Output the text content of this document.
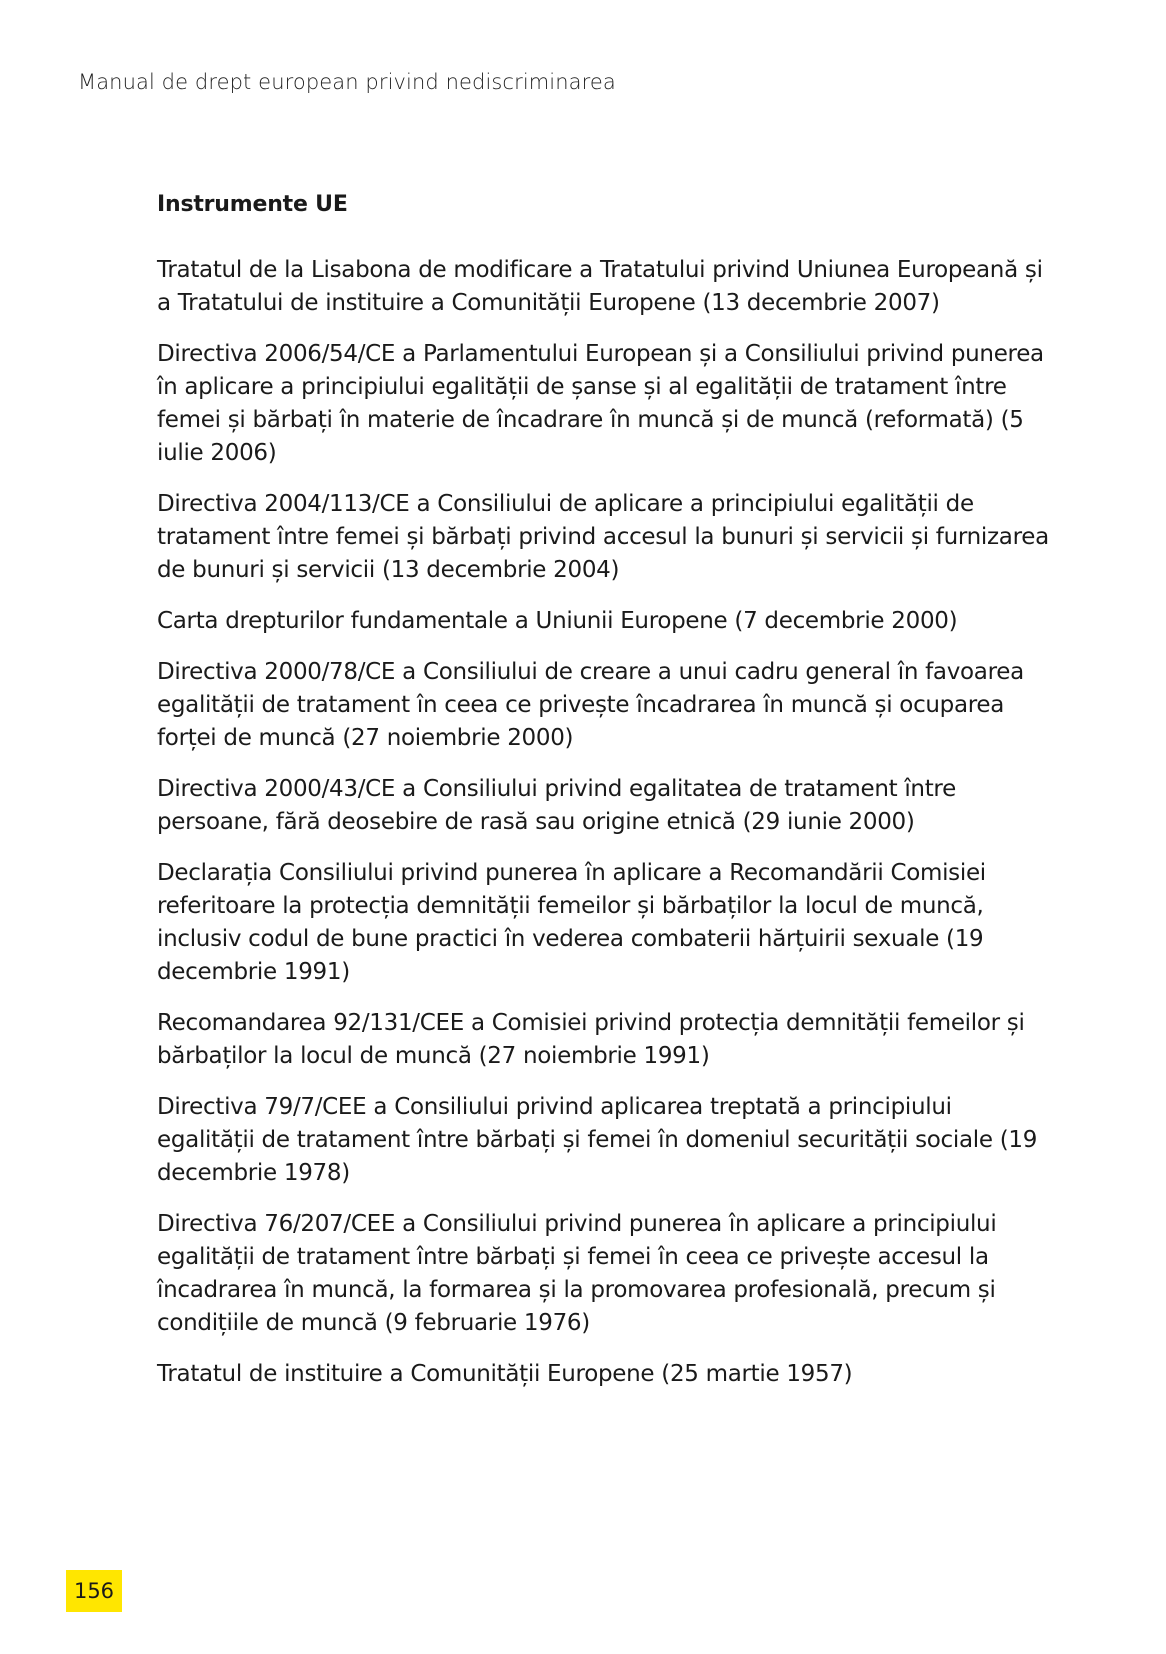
Manual de drept european privind nediscriminarea
Instrumente UE

Tratatul de la Lisabona de modificare a Tratatului privind Uniunea Europeană și a Tratatului de instituire a Comunității Europene (13 decembrie 2007)

Directiva 2006/54/CE a Parlamentului European și a Consiliului privind punerea în aplicare a principiului egalității de șanse și al egalității de tratament între femei și bărbați în materie de încadrare în muncă și de muncă (reformată) (5 iulie 2006)

Directiva 2004/113/CE a Consiliului de aplicare a principiului egalității de tratament între femei și bărbați privind accesul la bunuri și servicii și furnizarea de bunuri și servicii (13 decembrie 2004)

Carta drepturilor fundamentale a Uniunii Europene (7 decembrie 2000)

Directiva 2000/78/CE a Consiliului de creare a unui cadru general în favoarea egalității de tratament în ceea ce privește încadrarea în muncă și ocuparea forței de muncă (27 noiembrie 2000)

Directiva 2000/43/CE a Consiliului privind egalitatea de tratament între persoane, fără deosebire de rasă sau origine etnică (29 iunie 2000)

Declarația Consiliului privind punerea în aplicare a Recomandării Comisiei referitoare la protecția demnității femeilor și bărbaților la locul de muncă, inclusiv codul de bune practici în vederea combaterii hărțuirii sexuale (19 decembrie 1991)

Recomandarea 92/131/CEE a Comisiei privind protecția demnității femeilor și bărbaților la locul de muncă (27 noiembrie 1991)

Directiva 79/7/CEE a Consiliului privind aplicarea treptată a principiului egalității de tratament între bărbați și femei în domeniul securității sociale (19 decembrie 1978)

Directiva 76/207/CEE a Consiliului privind punerea în aplicare a principiului egalității de tratament între bărbați și femei în ceea ce privește accesul la încadrarea în muncă, la formarea și la promovarea profesională, precum și condițiile de muncă (9 februarie 1976)

Tratatul de instituire a Comunității Europene (25 martie 1957)

156
